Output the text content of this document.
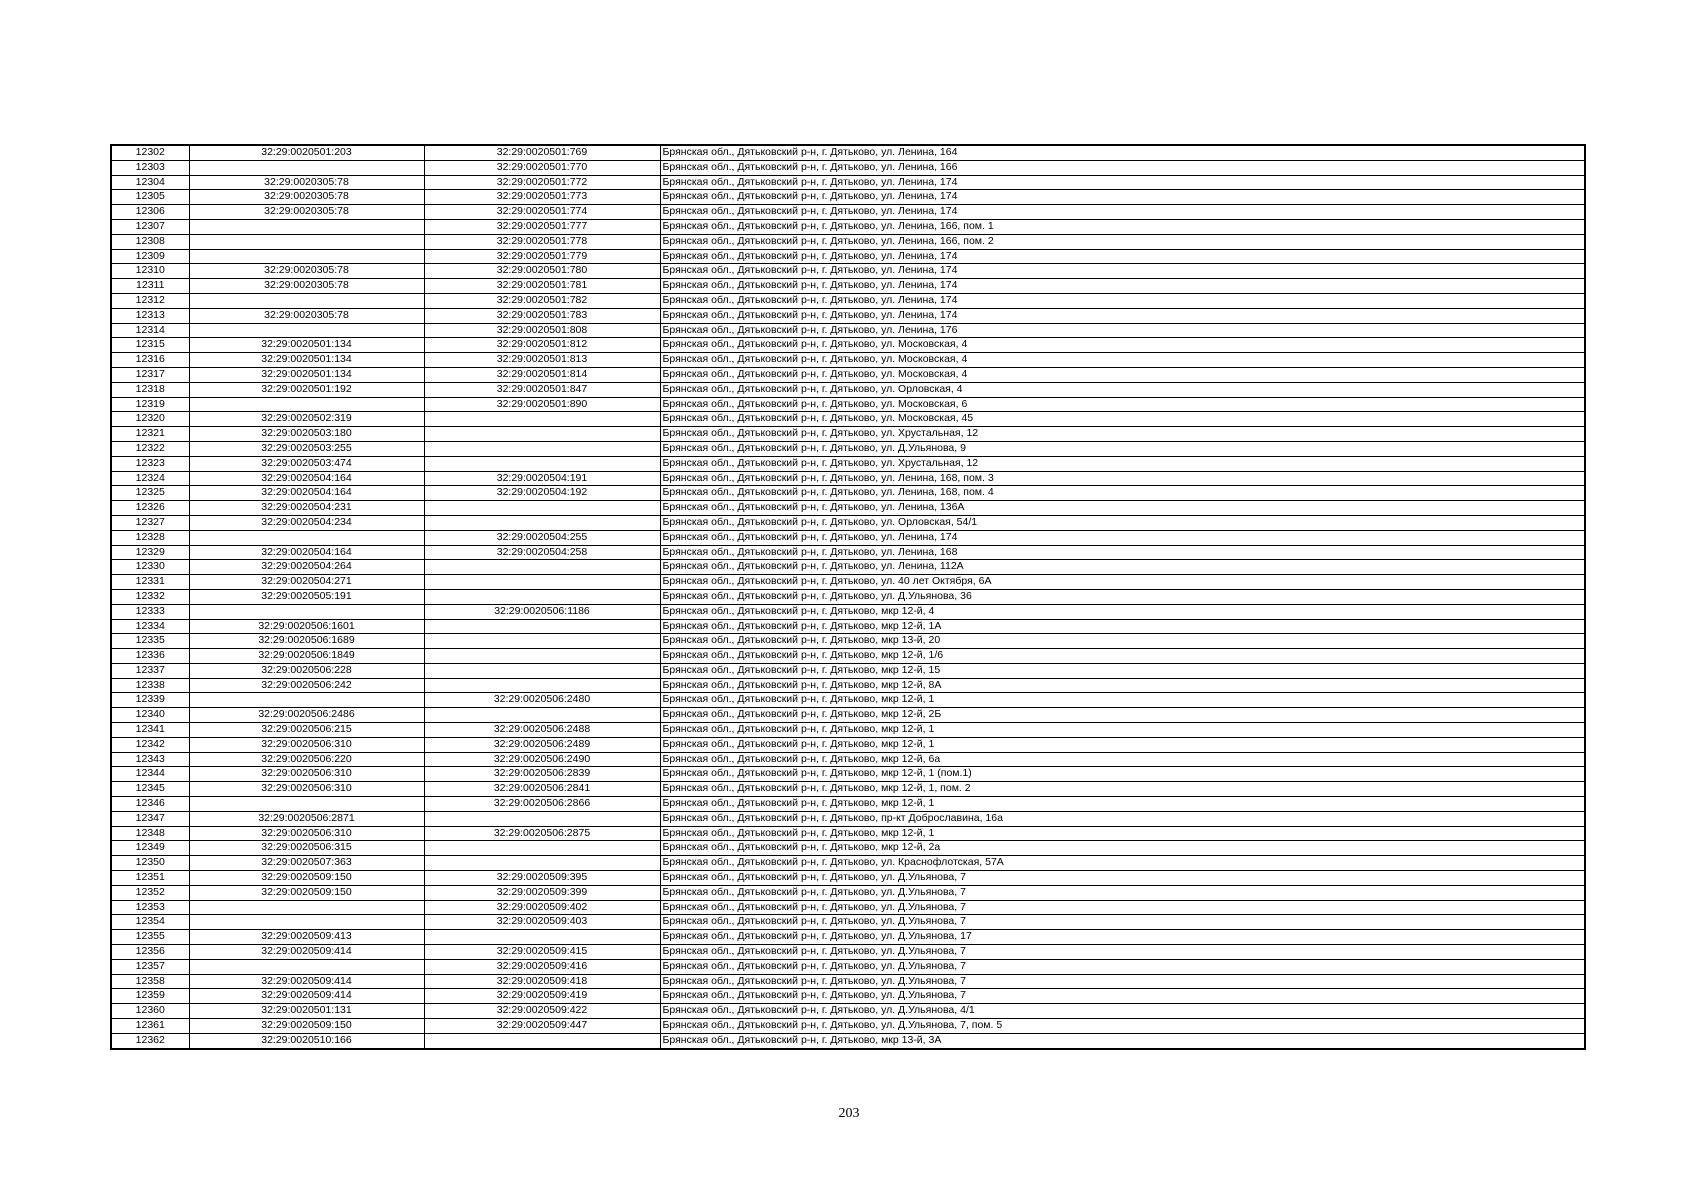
12302	32:29:0020501:203	32:29:0020501:769	Брянская обл., Дятьковский р-н, г. Дятьково, ул. Ленина, 164
12303		32:29:0020501:770	Брянская обл., Дятьковский р-н, г. Дятьково, ул. Ленина, 166
12304	32:29:0020305:78	32:29:0020501:772	Брянская обл., Дятьковский р-н, г. Дятьково, ул. Ленина, 174
12305	32:29:0020305:78	32:29:0020501:773	Брянская обл., Дятьковский р-н, г. Дятьково, ул. Ленина, 174
12306	32:29:0020305:78	32:29:0020501:774	Брянская обл., Дятьковский р-н, г. Дятьково, ул. Ленина, 174
12307		32:29:0020501:777	Брянская обл., Дятьковский р-н, г. Дятьково, ул. Ленина, 166, пом. 1
12308		32:29:0020501:778	Брянская обл., Дятьковский р-н, г. Дятьково, ул. Ленина, 166, пом. 2
12309		32:29:0020501:779	Брянская обл., Дятьковский р-н, г. Дятьково, ул. Ленина, 174
12310	32:29:0020305:78	32:29:0020501:780	Брянская обл., Дятьковский р-н, г. Дятьково, ул. Ленина, 174
12311	32:29:0020305:78	32:29:0020501:781	Брянская обл., Дятьковский р-н, г. Дятьково, ул. Ленина, 174
12312		32:29:0020501:782	Брянская обл., Дятьковский р-н, г. Дятьково, ул. Ленина, 174
12313	32:29:0020305:78	32:29:0020501:783	Брянская обл., Дятьковский р-н, г. Дятьково, ул. Ленина, 174
12314		32:29:0020501:808	Брянская обл., Дятьковский р-н, г. Дятьково, ул. Ленина, 176
12315	32:29:0020501:134	32:29:0020501:812	Брянская обл., Дятьковский р-н, г. Дятьково, ул. Московская, 4
12316	32:29:0020501:134	32:29:0020501:813	Брянская обл., Дятьковский р-н, г. Дятьково, ул. Московская, 4
12317	32:29:0020501:134	32:29:0020501:814	Брянская обл., Дятьковский р-н, г. Дятьково, ул. Московская, 4
12318	32:29:0020501:192	32:29:0020501:847	Брянская обл., Дятьковский р-н, г. Дятьково, ул. Орловская, 4
12319		32:29:0020501:890	Брянская обл., Дятьковский р-н, г. Дятьково, ул. Московская, 6
12320	32:29:0020502:319		Брянская обл., Дятьковский р-н, г. Дятьково, ул. Московская, 45
12321	32:29:0020503:180		Брянская обл., Дятьковский р-н, г. Дятьково, ул. Хрустальная, 12
12322	32:29:0020503:255		Брянская обл., Дятьковский р-н, г. Дятьково, ул. Д.Ульянова, 9
12323	32:29:0020503:474		Брянская обл., Дятьковский р-н, г. Дятьково, ул. Хрустальная, 12
12324	32:29:0020504:164	32:29:0020504:191	Брянская обл., Дятьковский р-н, г. Дятьково, ул. Ленина, 168, пом. 3
12325	32:29:0020504:164	32:29:0020504:192	Брянская обл., Дятьковский р-н, г. Дятьково, ул. Ленина, 168, пом. 4
12326	32:29:0020504:231		Брянская обл., Дятьковский р-н, г. Дятьково, ул. Ленина, 136А
12327	32:29:0020504:234		Брянская обл., Дятьковский р-н, г. Дятьково, ул. Орловская, 54/1
12328		32:29:0020504:255	Брянская обл., Дятьковский р-н, г. Дятьково, ул. Ленина, 174
12329	32:29:0020504:164	32:29:0020504:258	Брянская обл., Дятьковский р-н, г. Дятьково, ул. Ленина, 168
12330	32:29:0020504:264		Брянская обл., Дятьковский р-н, г. Дятьково, ул. Ленина, 112А
12331	32:29:0020504:271		Брянская обл., Дятьковский р-н, г. Дятьково, ул. 40 лет Октября, 6А
12332	32:29:0020505:191		Брянская обл., Дятьковский р-н, г. Дятьково, ул. Д.Ульянова, 36
12333		32:29:0020506:1186	Брянская обл., Дятьковский р-н, г. Дятьково, мкр 12-й, 4
12334	32:29:0020506:1601		Брянская обл., Дятьковский р-н, г. Дятьково, мкр 12-й, 1А
12335	32:29:0020506:1689		Брянская обл., Дятьковский р-н, г. Дятьково, мкр 13-й, 20
12336	32:29:0020506:1849		Брянская обл., Дятьковский р-н, г. Дятьково, мкр 12-й, 1/6
12337	32:29:0020506:228		Брянская обл., Дятьковский р-н, г. Дятьково, мкр 12-й, 15
12338	32:29:0020506:242		Брянская обл., Дятьковский р-н, г. Дятьково, мкр 12-й, 8А
12339		32:29:0020506:2480	Брянская обл., Дятьковский р-н, г. Дятьково, мкр 12-й, 1
12340	32:29:0020506:2486		Брянская обл., Дятьковский р-н, г. Дятьково, мкр 12-й, 2Б
12341	32:29:0020506:215	32:29:0020506:2488	Брянская обл., Дятьковский р-н, г. Дятьково, мкр 12-й, 1
12342	32:29:0020506:310	32:29:0020506:2489	Брянская обл., Дятьковский р-н, г. Дятьково, мкр 12-й, 1
12343	32:29:0020506:220	32:29:0020506:2490	Брянская обл., Дятьковский р-н, г. Дятьково, мкр 12-й, 6а
12344	32:29:0020506:310	32:29:0020506:2839	Брянская обл., Дятьковский р-н, г. Дятьково, мкр 12-й, 1 (пом.1)
12345	32:29:0020506:310	32:29:0020506:2841	Брянская обл., Дятьковский р-н, г. Дятьково, мкр 12-й, 1, пом. 2
12346		32:29:0020506:2866	Брянская обл., Дятьковский р-н, г. Дятьково, мкр 12-й, 1
12347	32:29:0020506:2871		Брянская обл., Дятьковский р-н, г. Дятьково, пр-кт Доброславина, 16а
12348	32:29:0020506:310	32:29:0020506:2875	Брянская обл., Дятьковский р-н, г. Дятьково, мкр 12-й, 1
12349	32:29:0020506:315		Брянская обл., Дятьковский р-н, г. Дятьково, мкр 12-й, 2а
12350	32:29:0020507:363		Брянская обл., Дятьковский р-н, г. Дятьково, ул. Краснофлотская, 57А
12351	32:29:0020509:150	32:29:0020509:395	Брянская обл., Дятьковский р-н, г. Дятьково, ул. Д.Ульянова, 7
12352	32:29:0020509:150	32:29:0020509:399	Брянская обл., Дятьковский р-н, г. Дятьково, ул. Д.Ульянова, 7
12353		32:29:0020509:402	Брянская обл., Дятьковский р-н, г. Дятьково, ул. Д.Ульянова, 7
12354		32:29:0020509:403	Брянская обл., Дятьковский р-н, г. Дятьково, ул. Д.Ульянова, 7
12355	32:29:0020509:413		Брянская обл., Дятьковский р-н, г. Дятьково, ул. Д.Ульянова, 17
12356	32:29:0020509:414	32:29:0020509:415	Брянская обл., Дятьковский р-н, г. Дятьково, ул. Д.Ульянова, 7
12357		32:29:0020509:416	Брянская обл., Дятьковский р-н, г. Дятьково, ул. Д.Ульянова, 7
12358	32:29:0020509:414	32:29:0020509:418	Брянская обл., Дятьковский р-н, г. Дятьково, ул. Д.Ульянова, 7
12359	32:29:0020509:414	32:29:0020509:419	Брянская обл., Дятьковский р-н, г. Дятьково, ул. Д.Ульянова, 7
12360	32:29:0020501:131	32:29:0020509:422	Брянская обл., Дятьковский р-н, г. Дятьково, ул. Д.Ульянова, 4/1
12361	32:29:0020509:150	32:29:0020509:447	Брянская обл., Дятьковский р-н, г. Дятьково, ул. Д.Ульянова, 7, пом. 5
12362	32:29:0020510:166		Брянская обл., Дятьковский р-н, г. Дятьково, мкр 13-й, 3А
203
